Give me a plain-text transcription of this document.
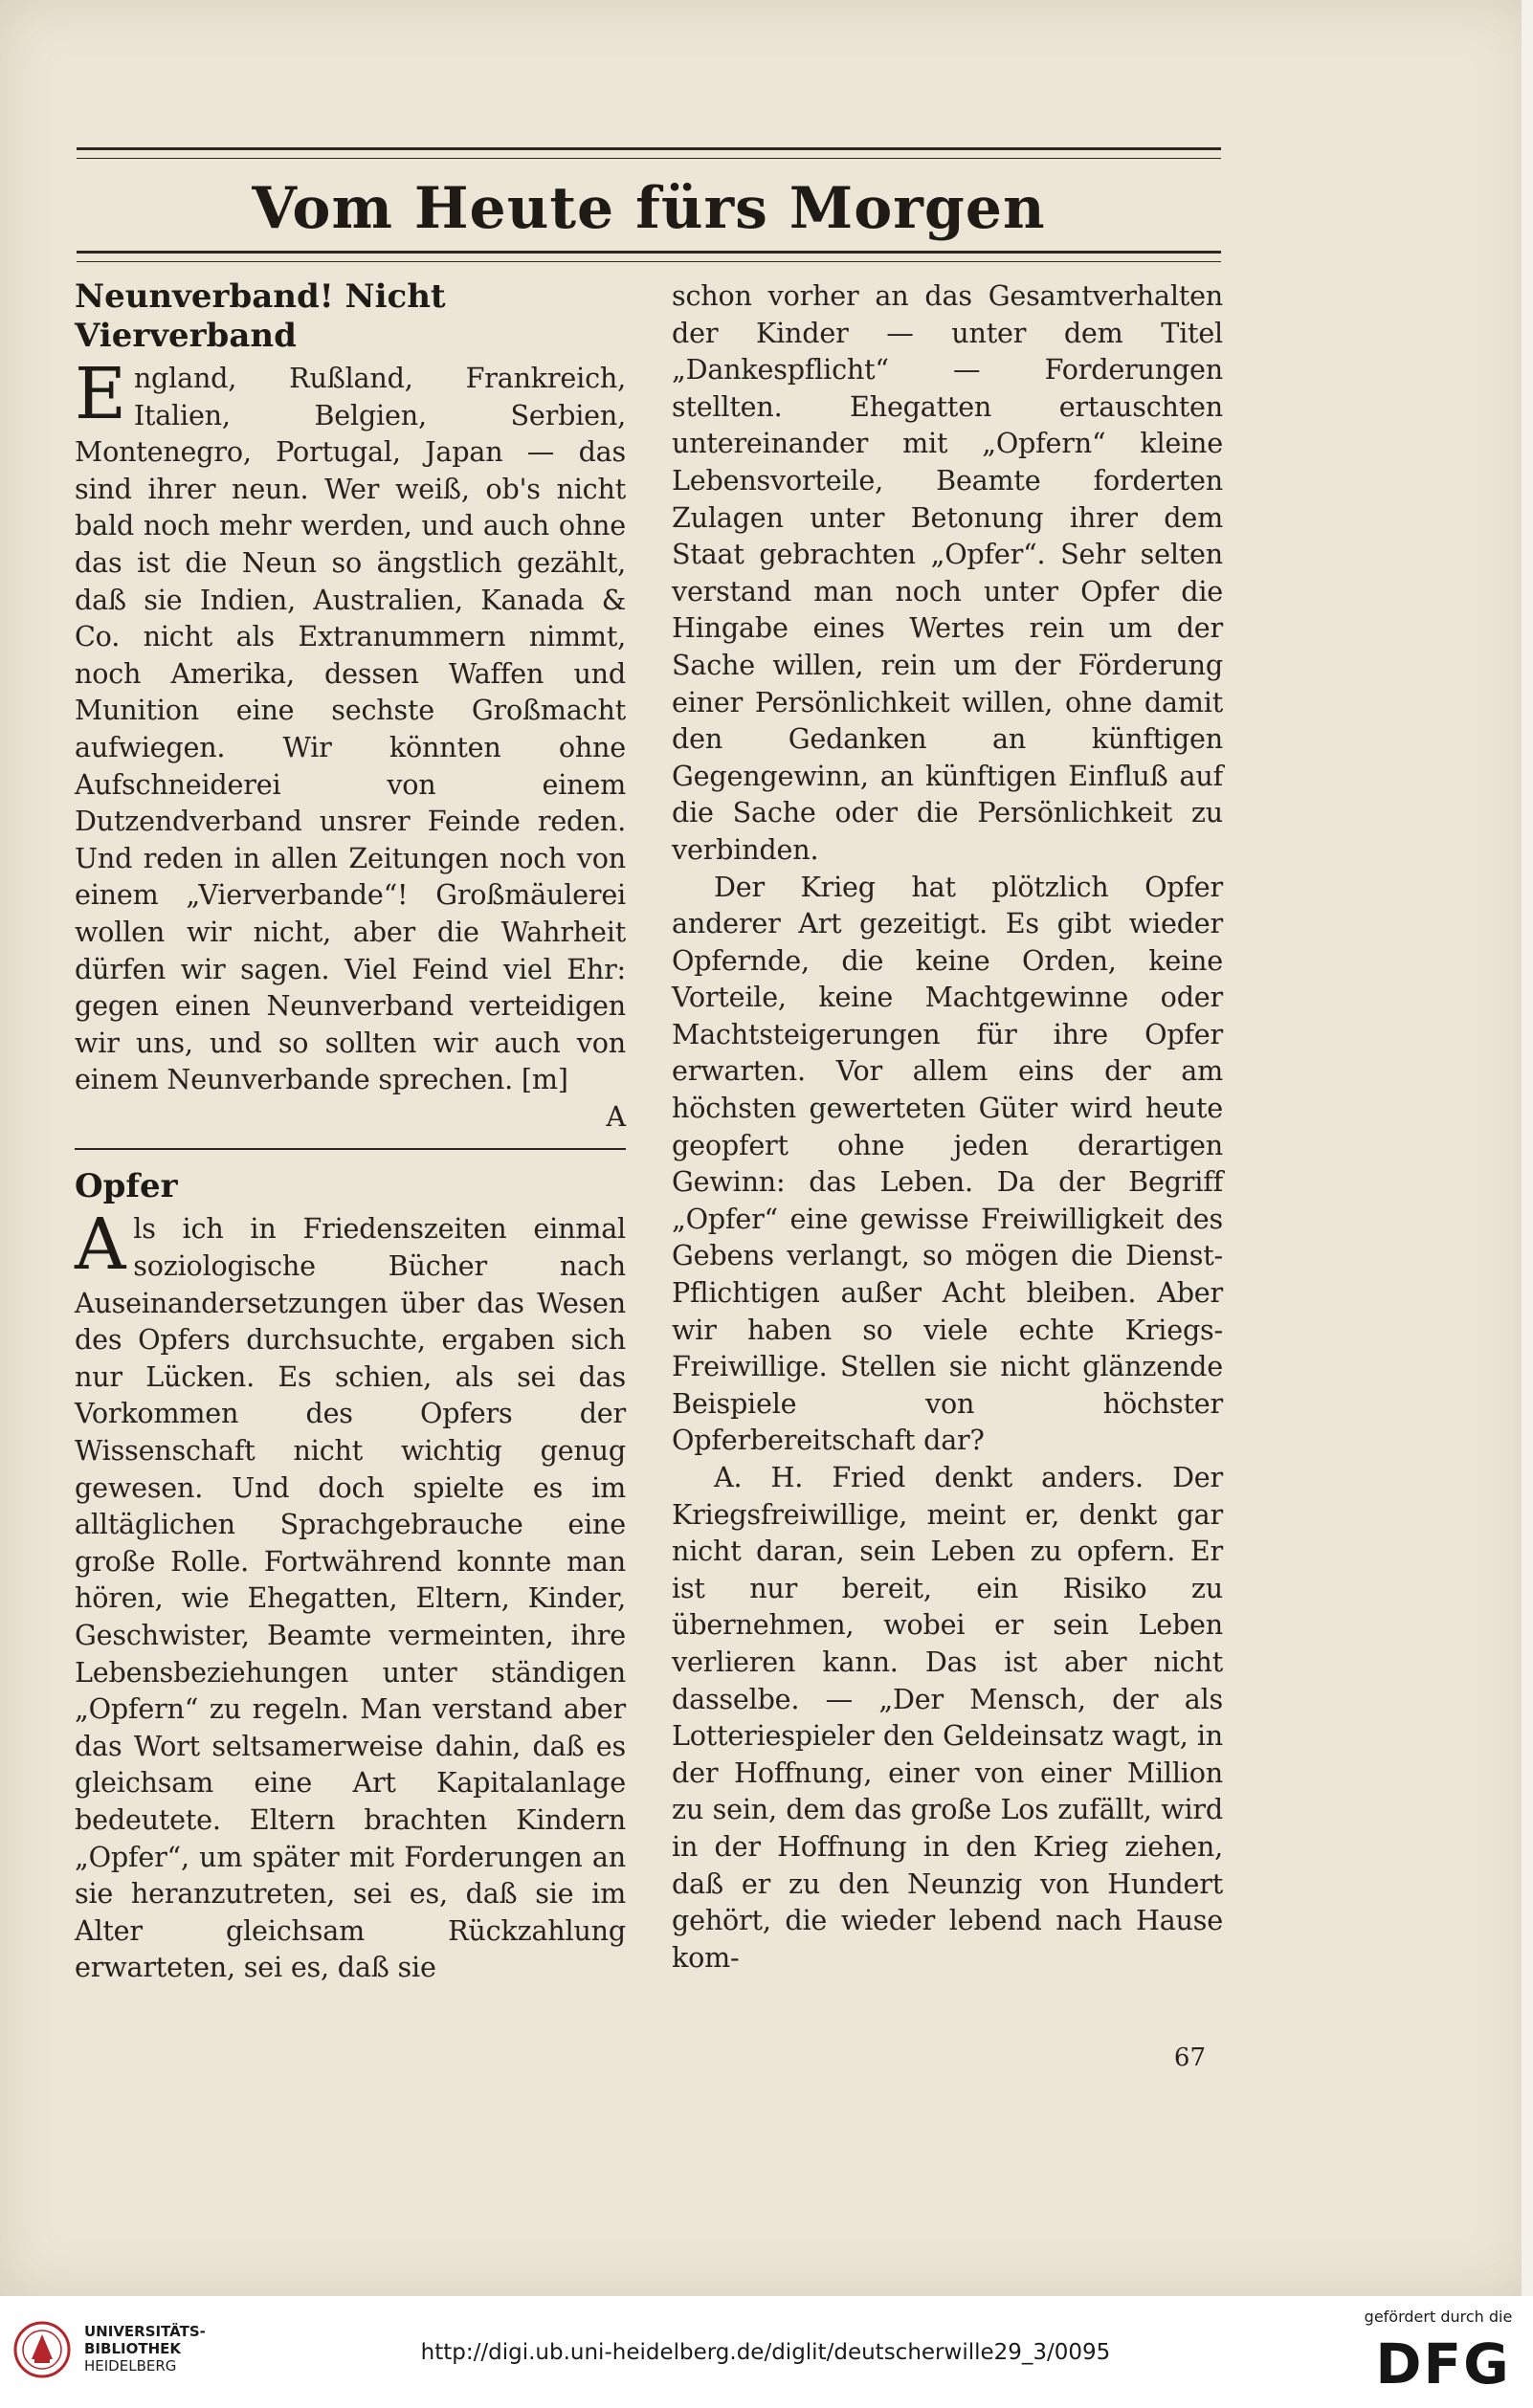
Vom Heute fürs Morgen
Neunverband! Nicht Vierverband

England, Rußland, Frankreich, Italien, Belgien, Serbien, Montenegro, Portugal, Japan — das sind ihrer neun. Wer weiß, ob's nicht bald noch mehr werden, und auch ohne das ist die Neun so ängstlich gezählt, daß sie Indien, Australien, Kanada & Co. nicht als Extranummern nimmt, noch Amerika, dessen Waffen und Munition eine sechste Großmacht aufwiegen. Wir könnten ohne Aufschneiderei von einem Dutzendverband unsrer Feinde reden. Und reden in allen Zeitungen noch von einem „Vierverbande“! Großmäulerei wollen wir nicht, aber die Wahrheit dürfen wir sagen. Viel Feind viel Ehr: gegen einen Neunverband verteidigen wir uns, und so sollten wir auch von einem Neunverbande sprechen. [m]

A

Opfer

Als ich in Friedenszeiten einmal soziologische Bücher nach Auseinandersetzungen über das Wesen des Opfers durchsuchte, ergaben sich nur Lücken. Es schien, als sei das Vorkommen des Opfers der Wissenschaft nicht wichtig genug gewesen. Und doch spielte es im alltäglichen Sprachgebrauche eine große Rolle. Fortwährend konnte man hören, wie Ehegatten, Eltern, Kinder, Geschwister, Beamte vermeinten, ihre Lebensbeziehungen unter ständigen „Opfern“ zu regeln. Man verstand aber das Wort seltsamerweise dahin, daß es gleichsam eine Art Kapitalanlage bedeutete. Eltern brachten Kindern „Opfer“, um später mit Forderungen an sie heranzutreten, sei es, daß sie im Alter gleichsam Rückzahlung erwarteten, sei es, daß sie

schon vorher an das Gesamtverhalten der Kinder — unter dem Titel „Dankespflicht“ — Forderungen stellten. Ehegatten ertauschten untereinander mit „Opfern“ kleine Lebensvorteile, Beamte forderten Zulagen unter Betonung ihrer dem Staat gebrachten „Opfer“. Sehr selten verstand man noch unter Opfer die Hingabe eines Wertes rein um der Sache willen, rein um der Förderung einer Persönlichkeit willen, ohne damit den Gedanken an künftigen Gegengewinn, an künftigen Einfluß auf die Sache oder die Persönlichkeit zu verbinden.

Der Krieg hat plötzlich Opfer anderer Art gezeitigt. Es gibt wieder Opfernde, die keine Orden, keine Vorteile, keine Machtgewinne oder Machtsteigerungen für ihre Opfer erwarten. Vor allem eins der am höchsten gewerteten Güter wird heute geopfert ohne jeden derartigen Gewinn: das Leben. Da der Begriff „Opfer“ eine gewisse Freiwilligkeit des Gebens verlangt, so mögen die Dienst-Pflichtigen außer Acht bleiben. Aber wir haben so viele echte Kriegs-Freiwillige. Stellen sie nicht glänzende Beispiele von höchster Opferbereitschaft dar?

A. H. Fried denkt anders. Der Kriegsfreiwillige, meint er, denkt gar nicht daran, sein Leben zu opfern. Er ist nur bereit, ein Risiko zu übernehmen, wobei er sein Leben verlieren kann. Das ist aber nicht dasselbe. — „Der Mensch, der als Lotteriespieler den Geldeinsatz wagt, in der Hoffnung, einer von einer Million zu sein, dem das große Los zufällt, wird in der Hoffnung in den Krieg ziehen, daß er zu den Neunzig von Hundert gehört, die wieder lebend nach Hause kom-

67
UNIVERSITÄTS-
BIBLIOTHEK
HEIDELBERG
http://digi.ub.uni-heidelberg.de/diglit/deutscherwille29_3/0095
gefördert durch die
DFG
